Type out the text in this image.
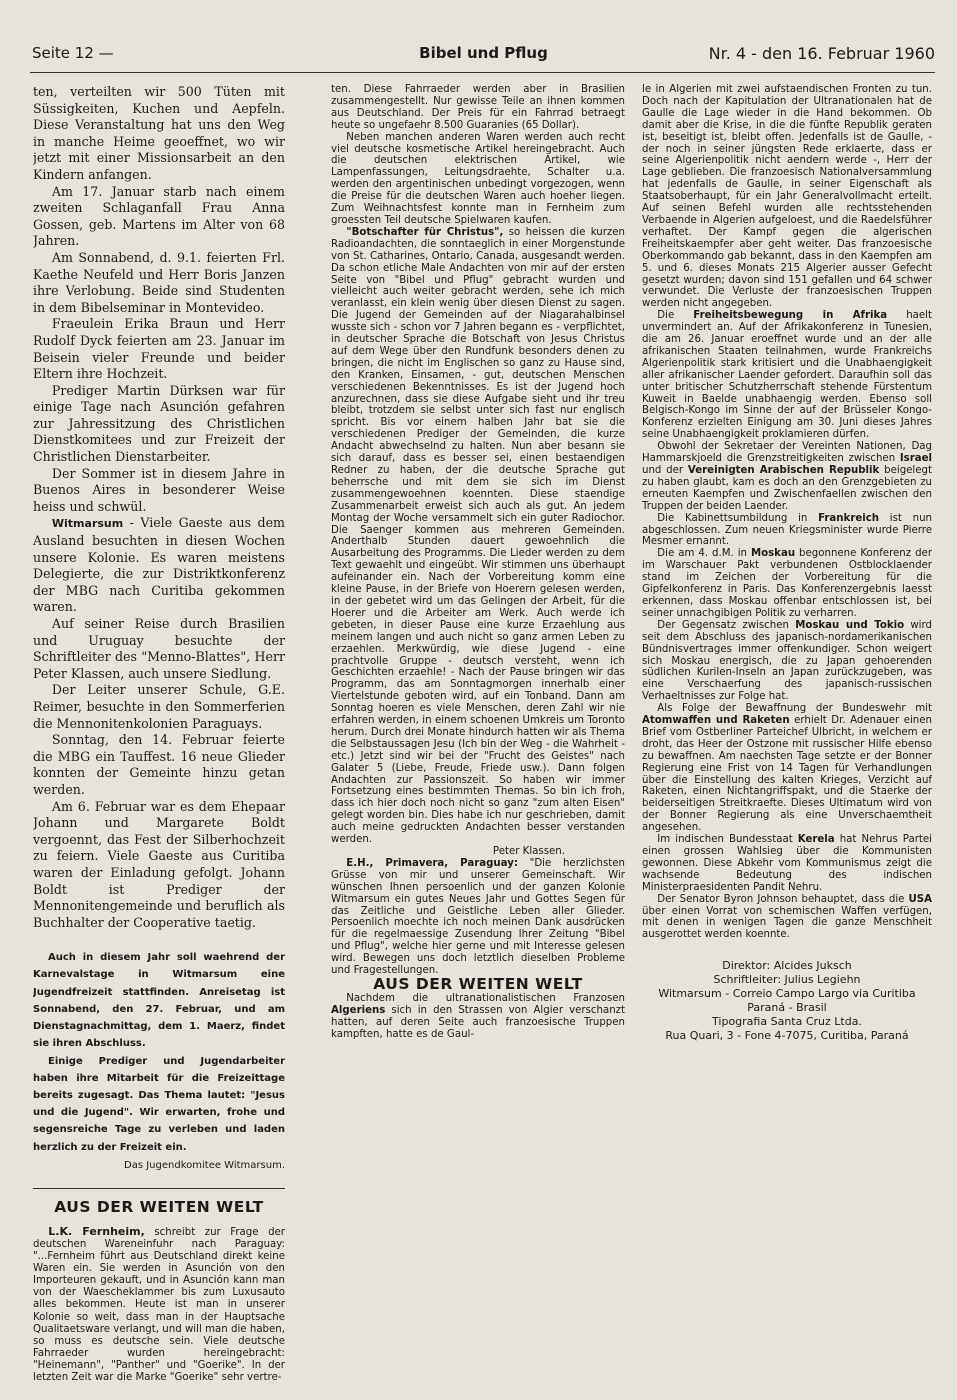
Seite 12 —	Bibel und Pflug	Nr. 4 - den 16. Februar 1960

ten, verteilten wir 500 Tüten mit Süssigkeiten, Kuchen und Aepfeln. Diese Veranstaltung hat uns den Weg in manche Heime geoeffnet, wo wir jetzt mit einer Missionsarbeit an den Kindern anfangen.

Am 17. Januar starb nach einem zweiten Schlaganfall Frau Anna Gossen, geb. Martens im Alter von 68 Jahren.

Am Sonnabend, d. 9.1. feierten Frl. Kaethe Neufeld und Herr Boris Janzen ihre Verlobung. Beide sind Studenten in dem Bibelseminar in Montevideo.

Fraeulein Erika Braun und Herr Rudolf Dyck feierten am 23. Januar im Beisein vieler Freunde und beider Eltern ihre Hochzeit.

Prediger Martin Dürksen war für einige Tage nach Asunción gefahren zur Jahressitzung des Christlichen Dienstkomitees und zur Freizeit der Christlichen Dienstarbeiter.

Der Sommer ist in diesem Jahre in Buenos Aires in besonderer Weise heiss und schwül.

Witmarsum - Viele Gaeste aus dem Ausland besuchten in diesen Wochen unsere Kolonie. Es waren meistens Delegierte, die zur Distriktkonferenz der MBG nach Curitiba gekommen waren.

Auf seiner Reise durch Brasilien und Uruguay besuchte der Schriftleiter des "Menno-Blattes", Herr Peter Klassen, auch unsere Siedlung.

Der Leiter unserer Schule, G.E. Reimer, besuchte in den Sommerferien die Mennonitenkolonien Paraguays.

Sonntag, den 14. Februar feierte die MBG ein Tauffest. 16 neue Glieder konnten der Gemeinte hinzu getan werden.

Am 6. Februar war es dem Ehepaar Johann und Margarete Boldt vergoennt, das Fest der Silberhochzeit zu feiern. Viele Gaeste aus Curitiba waren der Einladung gefolgt. Johann Boldt ist Prediger der Mennonitengemeinde und beruflich als Buchhalter der Cooperative taetig.

Auch in diesem Jahr soll waehrend der Karnevalstage in Witmarsum eine Jugendfreizeit stattfinden. Anreisetag ist Sonnabend, den 27. Februar, und am Dienstagnachmittag, dem 1. Maerz, findet sie ihren Abschluss.

Einige Prediger und Jugendarbeiter haben ihre Mitarbeit für die Freizeittage bereits zugesagt. Das Thema lautet: "Jesus und die Jugend". Wir erwarten, frohe und segensreiche Tage zu verleben und laden herzlich zu der Freizeit ein.

Das Jugendkomitee Witmarsum.
AUS DER WEITEN WELT

L.K. Fernheim, schreibt zur Frage der deutschen Wareneinfuhr nach Paraguay: "...Fernheim führt aus Deutschland direkt keine Waren ein. Sie werden in Asunción von den Importeuren gekauft, und in Asunción kann man von der Waescheklammer bis zum Luxusauto alles bekommen. Heute ist man in unserer Kolonie so weit, dass man in der Hauptsache Qualitaetsware verlangt, und will man die haben, so muss es deutsche sein. Viele deutsche Fahrraeder wurden hereingebracht: "Heinemann", "Panther" und "Goerike". In der letzten Zeit war die Marke "Goerike" sehr vertre-

ten. Diese Fahrraeder werden aber in Brasilien zusammengestellt. Nur gewisse Teile an ihnen kommen aus Deutschland. Der Preis für ein Fahrrad betraegt heute so ungefaehr 8.500 Guaranies (65 Dollar).

Neben manchen anderen Waren werden auch recht viel deutsche kosmetische Artikel hereingebracht. Auch die deutschen elektrischen Artikel, wie Lampenfassungen, Leitungsdraehte, Schalter u.a. werden den argentinischen unbedingt vorgezogen, wenn die Preise für die deutschen Waren auch hoeher liegen. Zum Weihnachtsfest konnte man in Fernheim zum groessten Teil deutsche Spielwaren kaufen.

"Botschafter für Christus", so heissen die kurzen Radioandachten, die sonntaeglich in einer Morgenstunde von St. Catharines, Ontario, Canada, ausgesandt werden. Da schon etliche Male Andachten von mir auf der ersten Seite von "Bibel und Pflug" gebracht wurden und vielleicht auch weiter gebracht werden, sehe ich mich veranlasst, ein klein wenig über diesen Dienst zu sagen. Die Jugend der Gemeinden auf der Niagarahalbinsel wusste sich - schon vor 7 Jahren begann es - verpflichtet, in deutscher Sprache die Botschaft von Jesus Christus auf dem Wege über den Rundfunk besonders denen zu bringen, die nicht im Englischen so ganz zu Hause sind, den Kranken, Einsamen, - gut, deutschen Menschen verschiedenen Bekenntnisses. Es ist der Jugend hoch anzurechnen, dass sie diese Aufgabe sieht und ihr treu bleibt, trotzdem sie selbst unter sich fast nur englisch spricht. Bis vor einem halben Jahr bat sie die verschiedenen Prediger der Gemeinden, die kurze Andacht abwechselnd zu halten. Nun aber besann sie sich darauf, dass es besser sei, einen bestaendigen Redner zu haben, der die deutsche Sprache gut beherrsche und mit dem sie sich im Dienst zusammengewoehnen koennten. Diese staendige Zusammenarbeit erweist sich auch als gut. An jedem Montag der Woche versammelt sich ein guter Radiochor. Die Saenger kommen aus mehreren Gemeinden. Anderthalb Stunden dauert gewoehnlich die Ausarbeitung des Programms. Die Lieder werden zu dem Text gewaehlt und eingeübt. Wir stimmen uns überhaupt aufeinander ein. Nach der Vorbereitung komm eine kleine Pause, in der Briefe von Hoerern gelesen werden, in der gebetet wird um das Gelingen der Arbeit, für die Hoerer und die Arbeiter am Werk. Auch werde ich gebeten, in dieser Pause eine kurze Erzaehlung aus meinem langen und auch nicht so ganz armen Leben zu erzaehlen. Merkwürdig, wie diese Jugend - eine prachtvolle Gruppe - deutsch versteht, wenn ich Geschichten erzaehle! - Nach der Pause bringen wir das Programm, das am Sonntagmorgen innerhalb einer Viertelstunde geboten wird, auf ein Tonband. Dann am Sonntag hoeren es viele Menschen, deren Zahl wir nie erfahren werden, in einem schoenen Umkreis um Toronto herum. Durch drei Monate hindurch hatten wir als Thema die Selbstaussagen Jesu (Ich bin der Weg - die Wahrheit - etc.) Jetzt sind wir bei der "Frucht des Geistes" nach Galater 5 (Liebe, Freude, Friede usw.). Dann folgen Andachten zur Passionszeit. So haben wir immer Fortsetzung eines bestimmten Themas. So bin ich froh, dass ich hier doch noch nicht so ganz "zum alten Eisen" gelegt worden bin. Dies habe ich nur geschrieben, damit auch meine gedruckten Andachten besser verstanden werden.

Peter Klassen.

E.H., Primavera, Paraguay: "Die herzlichsten Grüsse von mir und unserer Gemeinschaft. Wir wünschen Ihnen persoenlich und der ganzen Kolonie Witmarsum ein gutes Neues Jahr und Gottes Segen für das Zeitliche und Geistliche Leben aller Glieder. Persoenlich moechte ich noch meinen Dank ausdrücken für die regelmaessige Zusendung Ihrer Zeitung "Bibel und Pflug", welche hier gerne und mit Interesse gelesen wird. Bewegen uns doch letztlich dieselben Probleme und Fragestellungen.

AUS DER WEITEN WELT

Nachdem die ultranationalistischen Franzosen Algeriens sich in den Strassen von Algier verschanzt hatten, auf deren Seite auch franzoesische Truppen kampften, hatte es de Gaul-

le in Algerien mit zwei aufstaendischen Fronten zu tun. Doch nach der Kapitulation der Ultranationalen hat de Gaulle die Lage wieder in die Hand bekommen. Ob damit aber die Krise, in die die fünfte Republik geraten ist, beseitigt ist, bleibt offen. Jedenfalls ist de Gaulle, - der noch in seiner jüngsten Rede erklaerte, dass er seine Algerienpolitik nicht aendern werde -, Herr der Lage geblieben. Die franzoesisch Nationalversammlung hat jedenfalls de Gaulle, in seiner Eigenschaft als Staatsoberhaupt, für ein Jahr Generalvollmacht erteilt. Auf seinen Befehl wurden alle rechtsstehenden Verbaende in Algerien aufgeloest, und die Raedelsführer verhaftet. Der Kampf gegen die algerischen Freiheitskaempfer aber geht weiter. Das franzoesische Oberkommando gab bekannt, dass in den Kaempfen am 5. und 6. dieses Monats 215 Algerier ausser Gefecht gesetzt wurden; davon sind 151 gefallen und 64 schwer verwundet. Die Verluste der franzoesischen Truppen werden nicht angegeben.

Die Freiheitsbewegung in Afrika haelt unvermindert an. Auf der Afrikakonferenz in Tunesien, die am 26. Januar eroeffnet wurde und an der alle afrikanischen Staaten teilnahmen, wurde Frankreichs Algerienpolitik stark kritisiert und die Unabhaengigkeit aller afrikanischer Laender gefordert. Daraufhin soll das unter britischer Schutzherrschaft stehende Fürstentum Kuweit in Baelde unabhaengig werden. Ebenso soll Belgisch-Kongo im Sinne der auf der Brüsseler Kongo-Konferenz erzielten Einigung am 30. Juni dieses Jahres seine Unabhaengigkeit proklamieren dürfen.

Obwohl der Sekretaer der Vereinten Nationen, Dag Hammarskjoeld die Grenzstreitigkeiten zwischen Israel und der Vereinigten Arabischen Republik beigelegt zu haben glaubt, kam es doch an den Grenzgebieten zu erneuten Kaempfen und Zwischenfaellen zwischen den Truppen der beiden Laender.

Die Kabinettsumbildung in Frankreich ist nun abgeschlossen. Zum neuen Kriegsminister wurde Pierre Mesmer ernannt.

Die am 4. d.M. in Moskau begonnene Konferenz der im Warschauer Pakt verbundenen Ostblocklaender stand im Zeichen der Vorbereitung für die Gipfelkonferenz in Paris. Das Konferenzergebnis laesst erkennen, dass Moskau offenbar entschlossen ist, bei seiner unnachgibigen Politik zu verharren.

Der Gegensatz zwischen Moskau und Tokio wird seit dem Abschluss des japanisch-nordamerikanischen Bündnisvertrages immer offenkundiger. Schon weigert sich Moskau energisch, die zu Japan gehoerenden südlichen Kurilen-Inseln an Japan zurückzugeben, was eine Verschaerfung des japanisch-russischen Verhaeltnisses zur Folge hat.

Als Folge der Bewaffnung der Bundeswehr mit Atomwaffen und Raketen erhielt Dr. Adenauer einen Brief vom Ostberliner Parteichef Ulbricht, in welchem er droht, das Heer der Ostzone mit russischer Hilfe ebenso zu bewaffnen. Am naechsten Tage setzte er der Bonner Regierung eine Frist von 14 Tagen für Verhandlungen über die Einstellung des kalten Krieges, Verzicht auf Raketen, einen Nichtangriffspakt, und die Staerke der beiderseitigen Streitkraefte. Dieses Ultimatum wird von der Bonner Regierung als eine Unverschaemtheit angesehen.

Im indischen Bundesstaat Kerela hat Nehrus Partei einen grossen Wahlsieg über die Kommunisten gewonnen. Diese Abkehr vom Kommunismus zeigt die wachsende Bedeutung des indischen Ministerpraesidenten Pandit Nehru.

Der Senator Byron Johnson behauptet, dass die USA über einen Vorrat von schemischen Waffen verfügen, mit denen in wenigen Tagen die ganze Menschheit ausgerottet werden koennte.

Direktor: Alcides Juksch
Schriftleiter: Julius Legiehn
Witmarsum - Correio Campo Largo via Curitiba
Paraná - Brasil
Tipografia Santa Cruz Ltda.
Rua Quari, 3 - Fone 4-7075, Curitiba, Paraná
